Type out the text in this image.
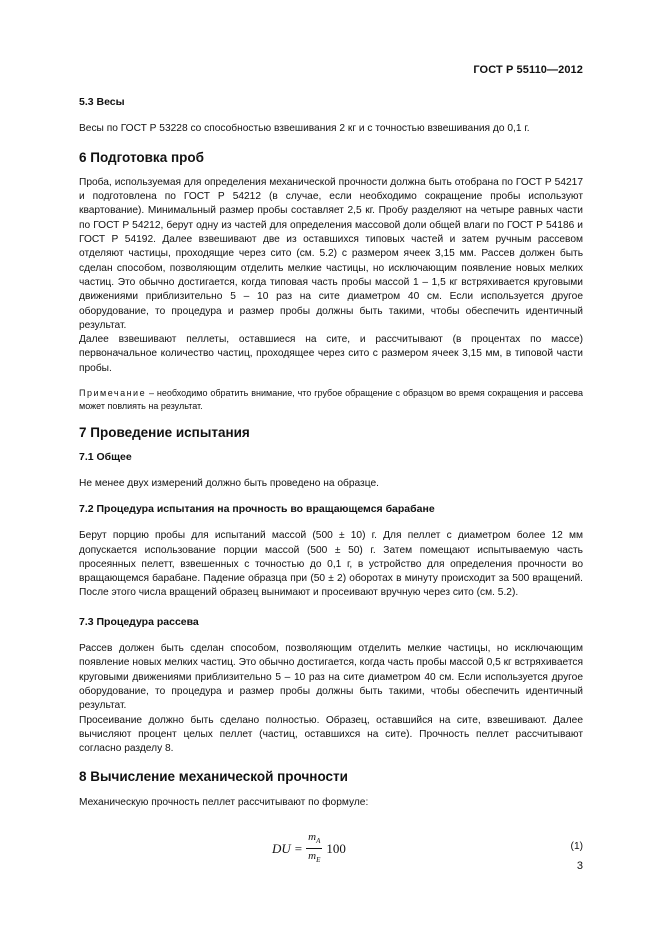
ГОСТ Р 55110—2012

5.3 Весы

Весы по ГОСТ Р 53228 со способностью взвешивания 2 кг и с точностью взвешивания до 0,1 г.

6 Подготовка проб

Проба, используемая для определения механической прочности должна быть отобрана по ГОСТ Р 54217 и подготовлена по ГОСТ Р 54212 (в случае, если необходимо сокращение пробы используют квартование). Минимальный размер пробы составляет 2,5 кг. Пробу разделяют на четыре равных части по ГОСТ Р 54212, берут одну из частей для определения массовой доли общей влаги по ГОСТ Р 54186 и ГОСТ Р 54192. Далее взвешивают две из оставшихся типовых частей и затем ручным рассевом отделяют частицы, проходящие через сито (см. 5.2) с размером ячеек 3,15 мм. Рассев должен быть сделан способом, позволяющим отделить мелкие частицы, но исключающим появление новых мелких частиц. Это обычно достигается, когда типовая часть пробы массой 1 – 1,5 кг встряхивается круговыми движениями приблизительно 5 – 10 раз на сите диаметром 40 см. Если используется другое оборудование, то процедура и размер пробы должны быть такими, чтобы обеспечить идентичный результат.

Далее взвешивают пеллеты, оставшиеся на сите, и рассчитывают (в процентах по массе) первоначальное количество частиц, проходящее через сито с размером ячеек 3,15 мм, в типовой части пробы.

Примечание – необходимо обратить внимание, что грубое обращение с образцом во время сокращения и рассева может повлиять на результат.

7 Проведение испытания

7.1 Общее

Не менее двух измерений должно быть проведено на образце.

7.2 Процедура испытания на прочность во вращающемся барабане

Берут порцию пробы для испытаний массой (500 ± 10) г. Для пеллет с диаметром более 12 мм допускается использование порции массой (500 ± 50) г. Затем помещают испытываемую часть просеянных пелетт, взвешенных с точностью до 0,1 г, в устройство для определения прочности во вращающемся барабане. Падение образца при (50 ± 2) оборотах в минуту происходит за 500 вращений. После этого числа вращений образец вынимают и просеивают вручную через сито (см. 5.2).

7.3 Процедура рассева

Рассев должен быть сделан способом, позволяющим отделить мелкие частицы, но исключающим появление новых мелких частиц. Это обычно достигается, когда часть пробы массой 0,5 кг встряхивается круговыми движениями приблизительно 5 – 10 раз на сите диаметром 40 см. Если используется другое оборудование, то процедура и размер пробы должны быть такими, чтобы обеспечить идентичный результат.

Просеивание должно быть сделано полностью. Образец, оставшийся на сите, взвешивают. Далее вычисляют процент целых пеллет (частиц, оставшихся на сите). Прочность пеллет рассчитывают согласно разделу 8.

8 Вычисление механической прочности

Механическую прочность пеллет рассчитывают по формуле:

DU = $\frac{m_A}{m_E} 100$	(1)
3
